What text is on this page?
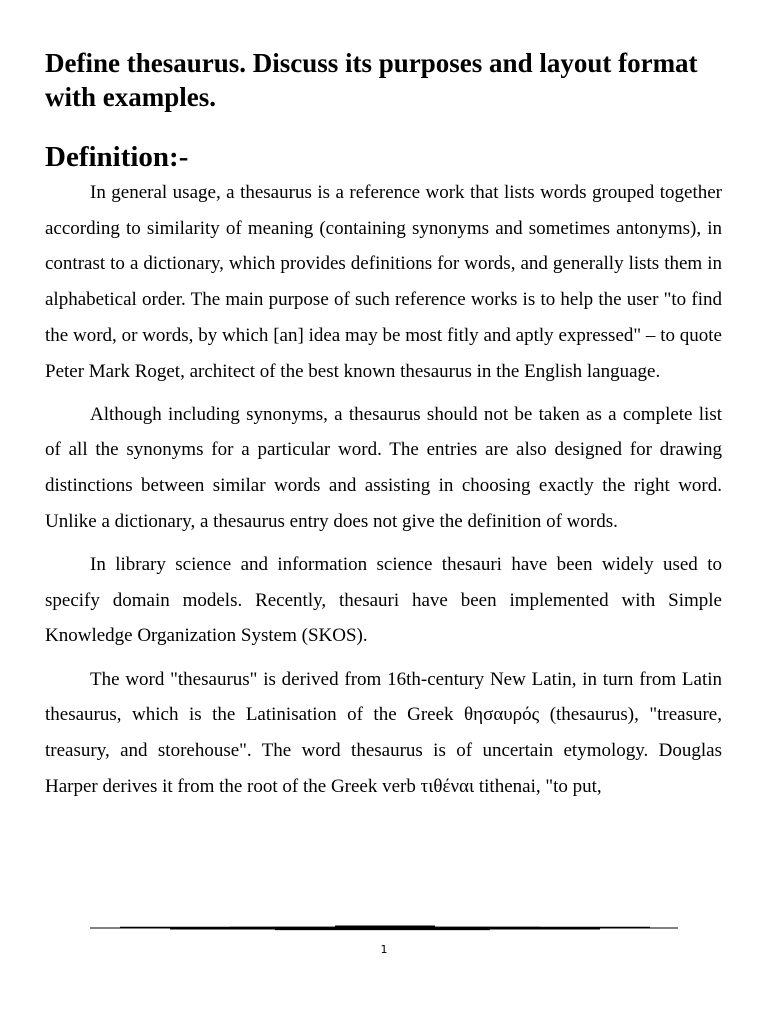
Define thesaurus. Discuss its purposes and layout format with examples.
Definition:-

In general usage, a thesaurus is a reference work that lists words grouped together according to similarity of meaning (containing synonyms and sometimes antonyms), in contrast to a dictionary, which provides definitions for words, and generally lists them in alphabetical order. The main purpose of such reference works is to help the user "to find the word, or words, by which [an] idea may be most fitly and aptly expressed" – to quote Peter Mark Roget, architect of the best known thesaurus in the English language.

Although including synonyms, a thesaurus should not be taken as a complete list of all the synonyms for a particular word. The entries are also designed for drawing distinctions between similar words and assisting in choosing exactly the right word. Unlike a dictionary, a thesaurus entry does not give the definition of words.

In library science and information science thesauri have been widely used to specify domain models. Recently, thesauri have been implemented with Simple Knowledge Organization System (SKOS).

The word "thesaurus" is derived from 16th-century New Latin, in turn from Latin thesaurus, which is the Latinisation of the Greek θησαυρός (thesaurus), "treasure, treasury, and storehouse". The word thesaurus is of uncertain etymology. Douglas Harper derives it from the root of the Greek verb τιθέναι tithenai, "to put,

1
